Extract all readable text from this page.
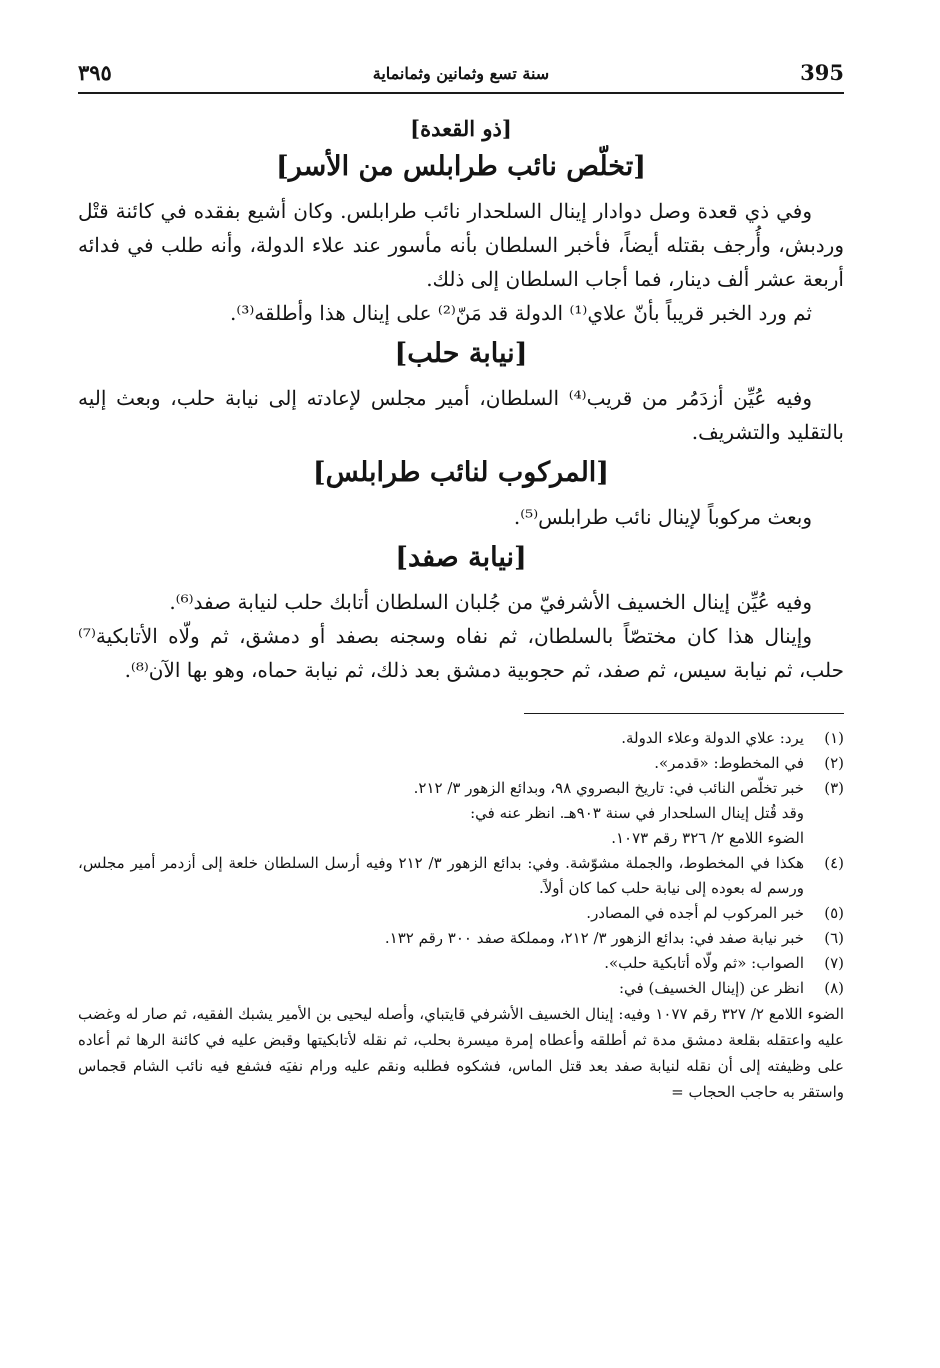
395
سنة تسع وثمانين وثمانماية
٣٩٥
[ذو القعدة]
[تخلّص نائب طرابلس من الأسر]

وفي ذي قعدة وصل دوادار إينال السلحدار نائب طرابلس. وكان أشيع بفقده في كائنة قتْل وردبش، وأُرجف بقتله أيضاً، فأخبر السلطان بأنه مأسور عند علاء الدولة، وأنه طلب في فدائه أربعة عشر ألف دينار، فما أجاب السلطان إلى ذلك.

ثم ورد الخبر قريباً بأنّ علاي⁽¹⁾ الدولة قد مَنّ⁽²⁾ على إينال هذا وأطلقه⁽³⁾.

[نيابة حلب]

وفيه عُيِّن أزدَمُر من قريب⁽⁴⁾ السلطان، أمير مجلس لإعادته إلى نيابة حلب، وبعث إليه بالتقليد والتشريف.

[المركوب لنائب طرابلس]

وبعث مركوباً لإينال نائب طرابلس⁽⁵⁾.

[نيابة صفد]

وفيه عُيِّن إينال الخسيف الأشرفيّ من جُلبان السلطان أتابك حلب لنيابة صفد⁽⁶⁾.

وإينال هذا كان مختصّاً بالسلطان، ثم نفاه وسجنه بصفد أو دمشق، ثم ولّاه الأتابكية⁽⁷⁾ حلب، ثم نيابة سيس، ثم صفد، ثم حجوبية دمشق بعد ذلك، ثم نيابة حماه، وهو بها الآن⁽⁸⁾.

(١)
يرد: علاي الدولة وعلاء الدولة.
(٢)
في المخطوط: «قدمر».
(٣)
خبر تخلّص النائب في: تاريخ البصروي ٩٨، وبدائع الزهور ٣/ ٢١٢.
وقد قُتل إينال السلحدار في سنة ٩٠٣هـ. انظر عنه في:
الضوء اللامع ٢/ ٣٢٦ رقم ١٠٧٣.
(٤)
هكذا في المخطوط، والجملة مشوّشة. وفي: بدائع الزهور ٣/ ٢١٢ وفيه أرسل السلطان خلعة إلى أزدمر أمير مجلس، ورسم له بعوده إلى نيابة حلب كما كان أولاً.
(٥)
خبر المركوب لم أجده في المصادر.
(٦)
خبر نيابة صفد في: بدائع الزهور ٣/ ٢١٢، ومملكة صفد ٣٠٠ رقم ١٣٢.
(٧)
الصواب: «ثم ولّاه أتابكية حلب».
(٨)
انظر عن (إينال الخسيف) في:
الضوء اللامع ٢/ ٣٢٧ رقم ١٠٧٧ وفيه: إينال الخسيف الأشرفي قايتباي، وأصله ليحيى بن الأمير يشبك الفقيه، ثم صار له وغضب عليه واعتقله بقلعة دمشق مدة ثم أطلقه وأعطاه إمرة ميسرة بحلب، ثم نقله لأتابكيتها وقبض عليه في كائنة الرها ثم أعاده على وظيفته إلى أن نقله لنيابة صفد بعد قتل الماس، فشكوه فطلبه ونقم عليه ورام نفيَه فشفع فيه نائب الشام قجماس واستقر به حاجب الحجاب =
